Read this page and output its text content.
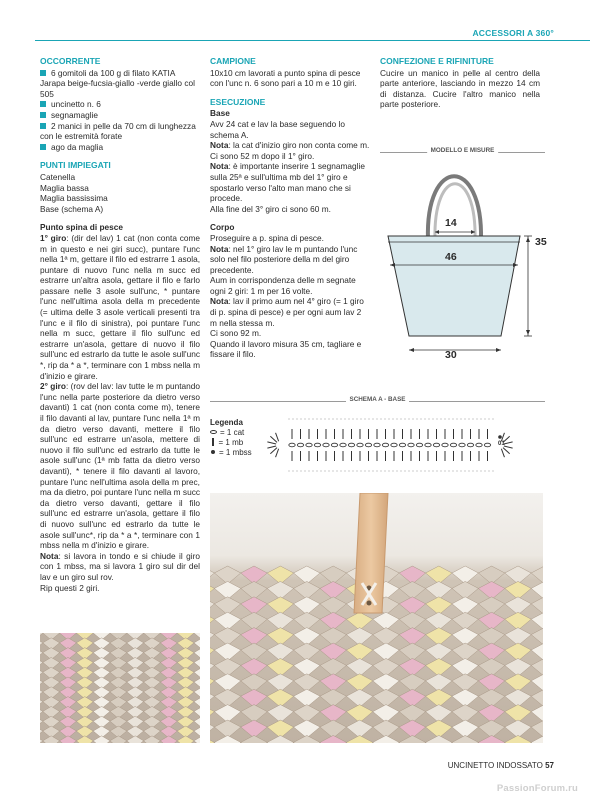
ACCESSORI A 360°
OCCORRENTE

6 gomitoli da 100 g di filato KATIA Jarapa beige-fucsia-giallo -verde giallo col 505

uncinetto n. 6

segnamaglie

2 manici in pelle da 70 cm di lunghezza con le estremità forate

ago da maglia

PUNTI IMPIEGATI

Catenella

Maglia bassa

Maglia bassissima

Base (schema A)

Punto spina di pesce

1° giro: (dir del lav) 1 cat (non conta come m in questo e nei giri succ), puntare l'unc nella 1ª m, gettare il filo ed estrarre 1 asola, puntare di nuovo l'unc nella m succ ed estrarre un'altra asola, gettare il filo e farlo passare nelle 3 asole sull'unc, * puntare l'unc nell'ultima asola della m precedente (= ultima delle 3 asole verticali presenti tra l'unc e il filo di sinistra), poi puntare l'unc nella m succ, gettare il filo sull'unc ed estrarre un'asola, gettare di nuovo il filo sull'unc ed estrarlo da tutte le asole sull'unc *, rip da * a *, terminare con 1 mbss nella m d'inizio e girare.

2° giro: (rov del lav: lav tutte le m puntando l'unc nella parte posteriore da dietro verso davanti) 1 cat (non conta come m), tenere il filo davanti al lav, puntare l'unc nella 1ª m da dietro verso davanti, mettere il filo sull'unc ed estrarre un'asola, mettere di nuovo il filo sull'unc ed estrarlo da tutte le asole sull'unc (1ª mb fatta da dietro verso davanti), * tenere il filo davanti al lavoro, puntare l'unc nell'ultima asola della m prec, ma da dietro, poi puntare l'unc nella m succ da dietro verso davanti, gettare il filo sull'unc ed estrarre un'asola, gettare il filo di nuovo sull'unc ed estrarlo da tutte le asole sull'unc*, rip da * a *, terminare con 1 mbss nella m d'inizio e girare.

Nota: si lavora in tondo e si chiude il giro con 1 mbss, ma si lavora 1 giro sul dir del lav e un giro sul rov.

Rip questi 2 giri.

CAMPIONE

10x10 cm lavorati a punto spina di pesce con l'unc n. 6 sono pari a 10 m e 10 giri.

ESECUZIONE

Base

Avv 24 cat e lav la base seguendo lo schema A.

Nota: la cat d'inizio giro non conta come m.

Ci sono 52 m dopo il 1° giro.

Nota: è importante inserire 1 segnamaglie sulla 25ª e sull'ultima mb del 1° giro e spostarlo verso l'alto man mano che si procede.

Alla fine del 3° giro ci sono 60 m.

Corpo

Proseguire a p. spina di pesce.

Nota: nel 1° giro lav le m puntando l'unc solo nel filo posteriore della m del giro precedente.

Aum in corrispondenza delle m segnate ogni 2 giri: 1 m per 16 volte.

Nota: lav il primo aum nel 4° giro (= 1 giro di p. spina di pesce) e per ogni aum lav 2 m nella stessa m.

Ci sono 92 m.

Quando il lavoro misura 35 cm, tagliare e fissare il filo.

CONFEZIONE E RIFINITURE

Cucire un manico in pelle al centro della parte anteriore, lasciando in mezzo 14 cm di distanza. Cucire l'altro manico nella parte posteriore.

MODELLO E MISURE
14
46
35
30
SCHEMA A - BASE

Legenda

= 1 cat

= 1 mb

= 1 mbss

01
UNCINETTO INDOSSATO 57
PassionForum.ru
